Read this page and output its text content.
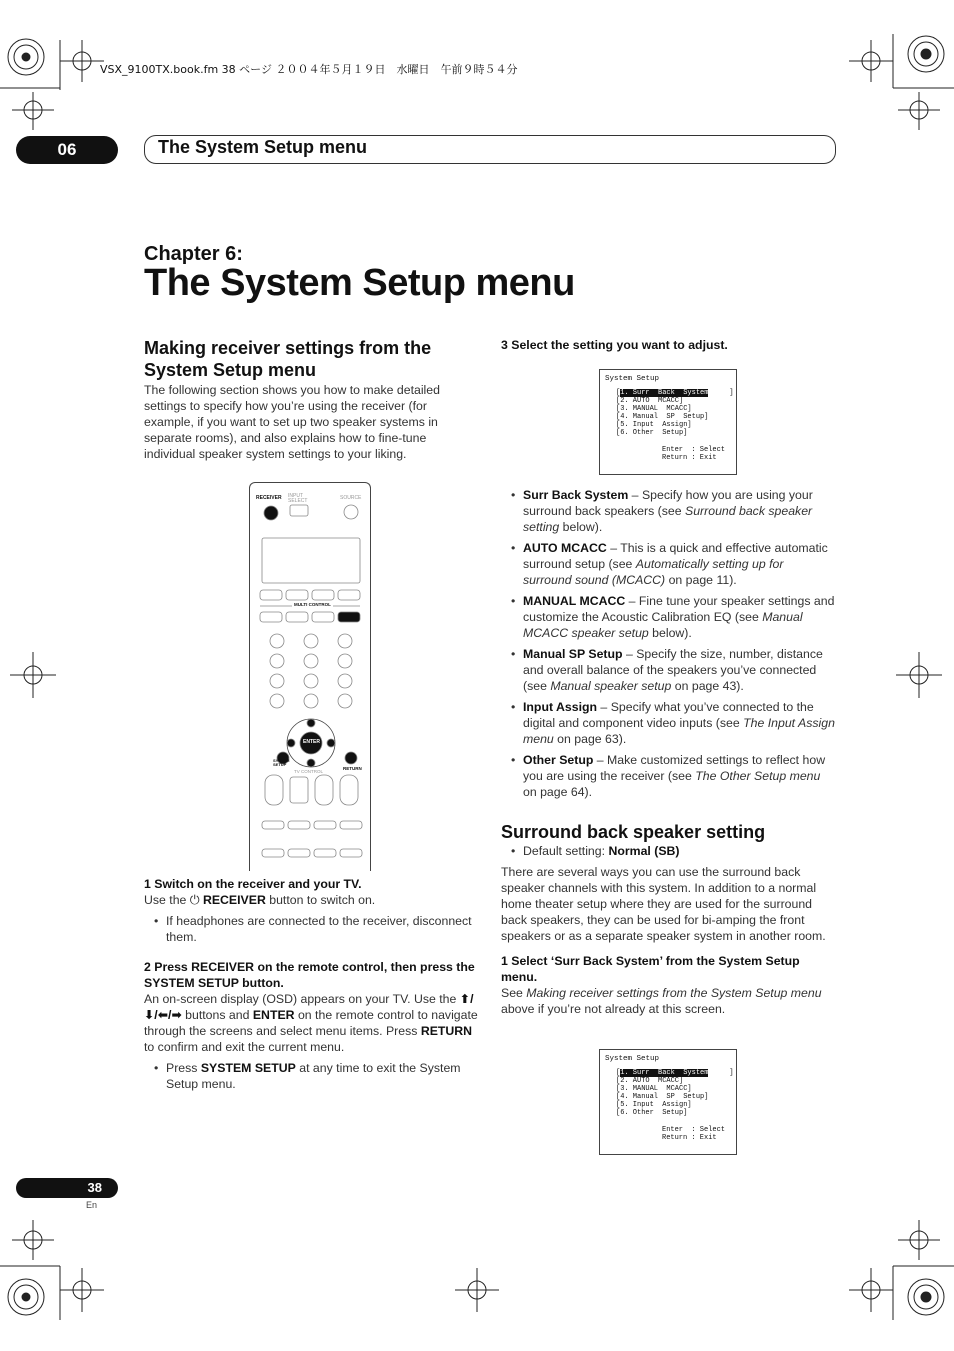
VSX_9100TX.book.fm 38 ページ ２００４年５月１９日　水曜日　午前９時５４分
06	The System Setup menu
Chapter 6:
The System Setup menu
Making receiver settings from the System Setup menu
The following section shows you how to make detailed settings to specify how you’re using the receiver (for example, if you want to set up two speaker systems in separate rooms), and also explains how to fine-tune individual speaker system settings to your liking.
RECEIVER INPUT SELECT	SOURCE
MULTI CONTROL
ENTER
SYSTEM SETUP
RETURN
TV CONTROL
1 Switch on the receiver and your TV.
Use the ⏻ RECEIVER button to switch on.
• If headphones are connected to the receiver, disconnect them.
2 Press RECEIVER on the remote control, then press the SYSTEM SETUP button.
An on-screen display (OSD) appears on your TV. Use the ⬆/⬇/⬅/➡ buttons and ENTER on the remote control to navigate through the screens and select menu items. Press RETURN to confirm and exit the current menu.
• Press SYSTEM SETUP at any time to exit the System Setup menu.
3 Select the setting you want to adjust.
System Setup
[1. Surr  Back  System     ]
[2. AUTO  MCACC]
[3. MANUAL  MCACC]
[4. Manual  SP  Setup]
[5. Input  Assign]
[6. Other  Setup]
Enter  : Select
Return : Exit
• Surr Back System – Specify how you are using your surround back speakers (see Surround back speaker setting below).
• AUTO MCACC – This is a quick and effective automatic surround setup (see Automatically setting up for surround sound (MCACC) on page 11).
• MANUAL MCACC – Fine tune your speaker settings and customize the Acoustic Calibration EQ (see Manual MCACC speaker setup below).
• Manual SP Setup – Specify the size, number, distance and overall balance of the speakers you’ve connected (see Manual speaker setup on page 43).
• Input Assign – Specify what you’ve connected to the digital and component video inputs (see The Input Assign menu on page 63).
• Other Setup – Make customized settings to reflect how you are using the receiver (see The Other Setup menu on page 64).
Surround back speaker setting
• Default setting: Normal (SB)
There are several ways you can use the surround back speaker channels with this system. In addition to a normal home theater setup where they are used for the surround back speakers, they can be used for bi-amping the front speakers or as a separate speaker system in another room.
1 Select ‘Surr Back System’ from the System Setup menu.
See Making receiver settings from the System Setup menu above if you’re not already at this screen.
System Setup
[1. Surr  Back  System     ]
[2. AUTO  MCACC]
[3. MANUAL  MCACC]
[4. Manual  SP  Setup]
[5. Input  Assign]
[6. Other  Setup]
Enter  : Select
Return : Exit
38
En
